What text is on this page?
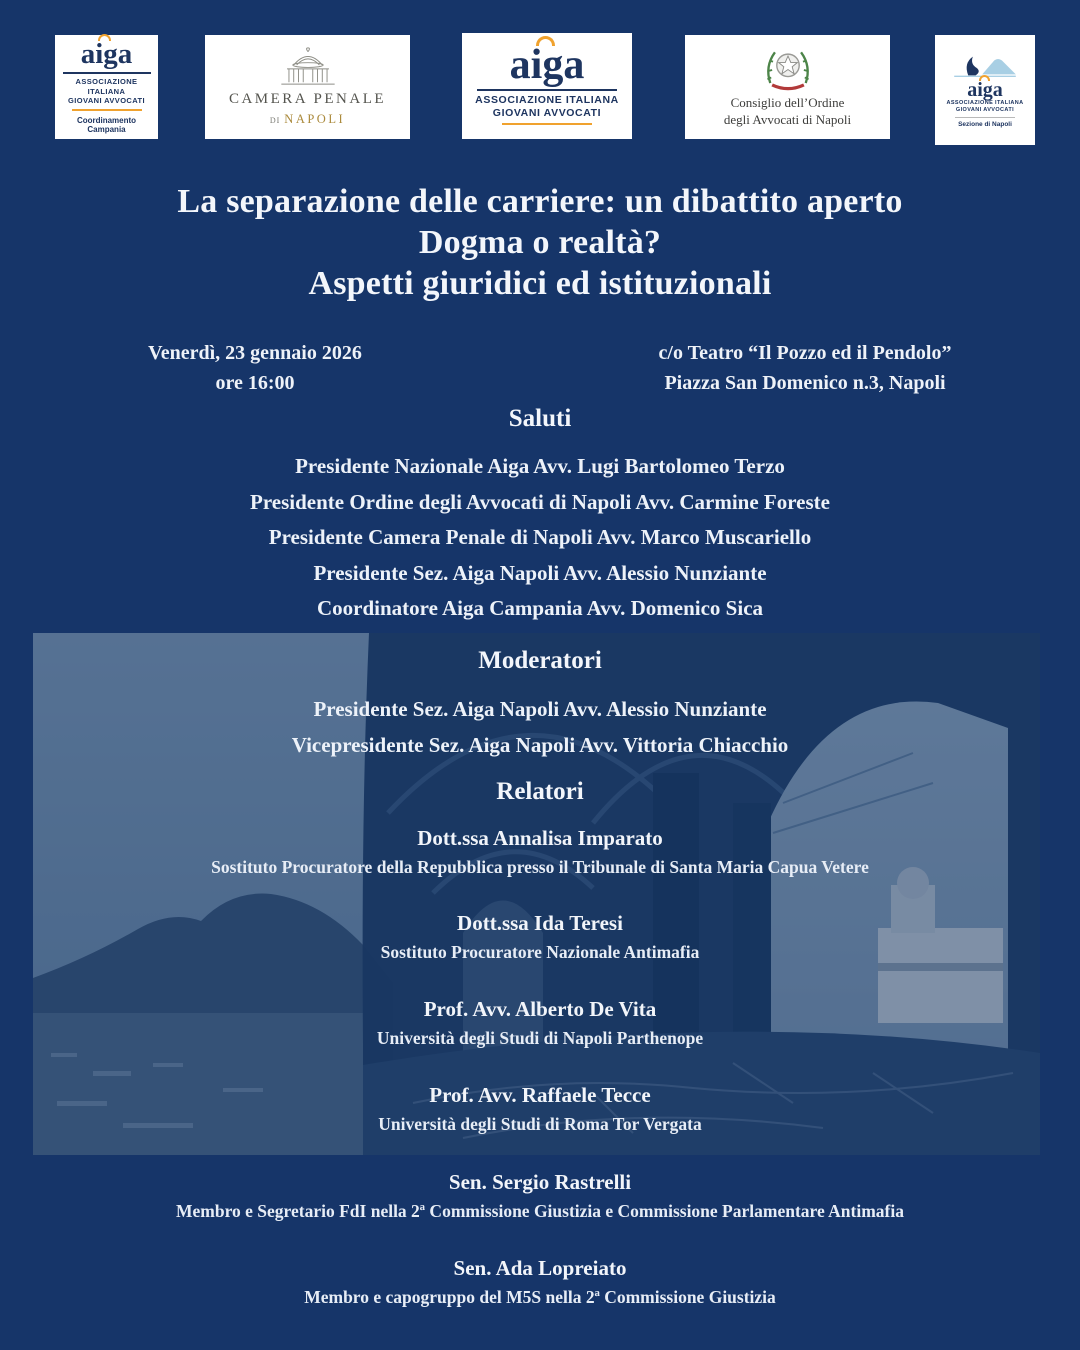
aiga
ASSOCIAZIONE ITALIANA
GIOVANI AVVOCATI
Coordinamento Campania
CAMERA PENALE
DI NAPOLI
aiga
ASSOCIAZIONE ITALIANA
GIOVANI AVVOCATI
Consiglio dell’Ordine
degli Avvocati di Napoli
aiga
ASSOCIAZIONE ITALIANA
GIOVANI AVVOCATI
Sezione di Napoli
La separazione delle carriere: un dibattito aperto
Dogma o realtà?
Aspetti giuridici ed istituzionali
Venerdì, 23 gennaio 2026
ore 16:00
c/o Teatro “Il Pozzo ed il Pendolo”
Piazza San Domenico n.3, Napoli
Saluti
Presidente Nazionale Aiga Avv. Lugi Bartolomeo Terzo
Presidente Ordine degli Avvocati di Napoli Avv. Carmine Foreste
Presidente Camera Penale di Napoli Avv. Marco Muscariello
Presidente Sez. Aiga Napoli Avv. Alessio Nunziante
Coordinatore Aiga Campania Avv. Domenico Sica
Moderatori
Presidente Sez. Aiga Napoli Avv. Alessio Nunziante
Vicepresidente Sez. Aiga Napoli Avv. Vittoria Chiacchio
Relatori
Dott.ssa Annalisa Imparato
Sostituto Procuratore della Repubblica presso il Tribunale di Santa Maria Capua Vetere
Dott.ssa Ida Teresi
Sostituto Procuratore Nazionale Antimafia
Prof. Avv. Alberto De Vita
Università degli Studi di Napoli Parthenope
Prof. Avv. Raffaele Tecce
Università degli Studi di Roma Tor Vergata
Sen. Sergio Rastrelli
Membro e Segretario FdI nella 2ª Commissione Giustizia e Commissione Parlamentare Antimafia
Sen. Ada Lopreiato
Membro e capogruppo del M5S nella 2ª Commissione Giustizia
